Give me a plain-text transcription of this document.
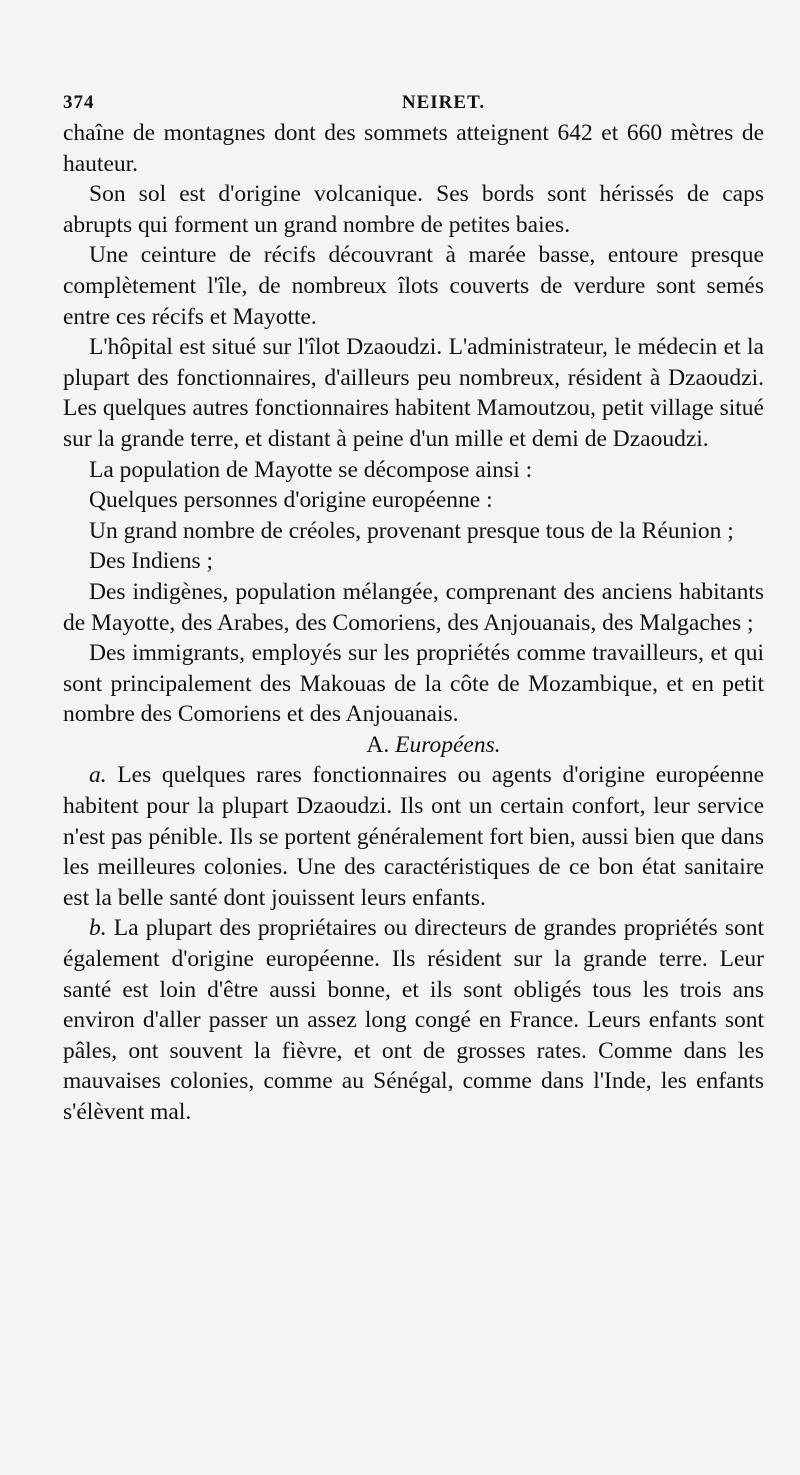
374	NEIRET.

chaîne de montagnes dont des sommets atteignent 642 et 660 mètres de hauteur.

Son sol est d'origine volcanique. Ses bords sont hérissés de caps abrupts qui forment un grand nombre de petites baies.

Une ceinture de récifs découvrant à marée basse, entoure presque complètement l'île, de nombreux îlots couverts de verdure sont semés entre ces récifs et Mayotte.

L'hôpital est situé sur l'îlot Dzaoudzi. L'administrateur, le médecin et la plupart des fonctionnaires, d'ailleurs peu nombreux, résident à Dzaoudzi. Les quelques autres fonctionnaires habitent Mamoutzou, petit village situé sur la grande terre, et distant à peine d'un mille et demi de Dzaoudzi.

La population de Mayotte se décompose ainsi :

Quelques personnes d'origine européenne :

Un grand nombre de créoles, provenant presque tous de la Réunion ;

Des Indiens ;

Des indigènes, population mélangée, comprenant des anciens habitants de Mayotte, des Arabes, des Comoriens, des Anjouanais, des Malgaches ;

Des immigrants, employés sur les propriétés comme travailleurs, et qui sont principalement des Makouas de la côte de Mozambique, et en petit nombre des Comoriens et des Anjouanais.

A. Européens.

a. Les quelques rares fonctionnaires ou agents d'origine européenne habitent pour la plupart Dzaoudzi. Ils ont un certain confort, leur service n'est pas pénible. Ils se portent généralement fort bien, aussi bien que dans les meilleures colonies. Une des caractéristiques de ce bon état sanitaire est la belle santé dont jouissent leurs enfants.

b. La plupart des propriétaires ou directeurs de grandes propriétés sont également d'origine européenne. Ils résident sur la grande terre. Leur santé est loin d'être aussi bonne, et ils sont obligés tous les trois ans environ d'aller passer un assez long congé en France. Leurs enfants sont pâles, ont souvent la fièvre, et ont de grosses rates. Comme dans les mauvaises colonies, comme au Sénégal, comme dans l'Inde, les enfants s'élèvent mal.
